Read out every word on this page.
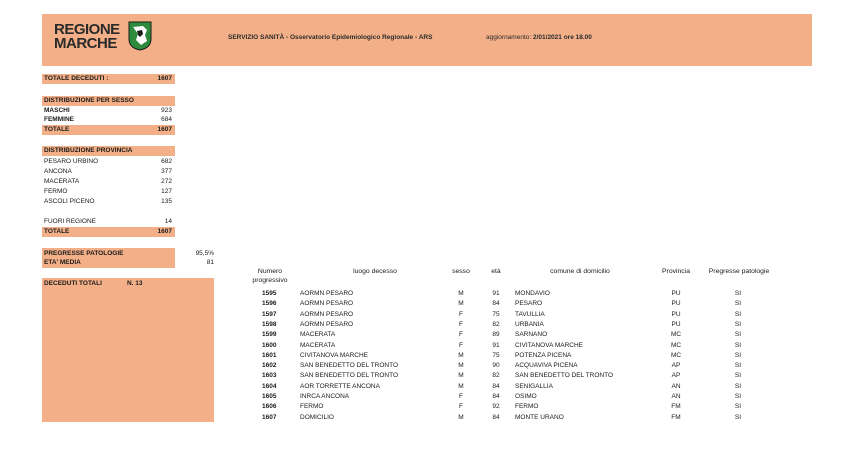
REGIONE
MARCHE	SERVIZIO SANITÀ - Osservatorio Epidemiologico Regionale - ARS	aggiornamento: 2/01/2021 ore 18.00
TOTALE DECEDUTI :	1607
DISTRIBUZIONE PER SESSO
MASCHI	923
FEMMINE	684
TOTALE	1607
DISTRIBUZIONE PROVINCIA
PESARO URBINO	682
ANCONA	377
MACERATA	272
FERMO	127
ASCOLI PICENO	135
FUORI REGIONE	14
TOTALE	1607
PREGRESSE PATOLOGIE	95,5%
ETA' MEDIA	81
DECEDUTI TOTALI	N. 13
Numero
progressivo
luogo decesso	sesso	età	comune di domicilio	Provincia	Pregresse patologie
1595	AORMN PESARO	M	91	MONDAVIO	PU	SI
1596	AORMN PESARO	M	84	PESARO	PU	SI
1597	AORMN PESARO	F	75	TAVULLIA	PU	SI
1598	AORMN PESARO	F	82	URBANIA	PU	SI
1599	MACERATA	F	89	SARNANO	MC	SI
1600	MACERATA	F	91	CIVITANOVA MARCHE	MC	SI
1601	CIVITANOVA MARCHE	M	75	POTENZA PICENA	MC	SI
1602	SAN BENEDETTO DEL TRONTO	M	90	ACQUAVIVA PICENA	AP	SI
1603	SAN BENEDETTO DEL TRONTO	M	82	SAN BENEDETTO DEL TRONTO	AP	SI
1604	AOR TORRETTE ANCONA	M	84	SENIGALLIA	AN	SI
1605	INRCA ANCONA	F	84	OSIMO	AN	SI
1606	FERMO	F	92	FERMO	FM	SI
1607	DOMICILIO	M	84	MONTE URANO	FM	SI
